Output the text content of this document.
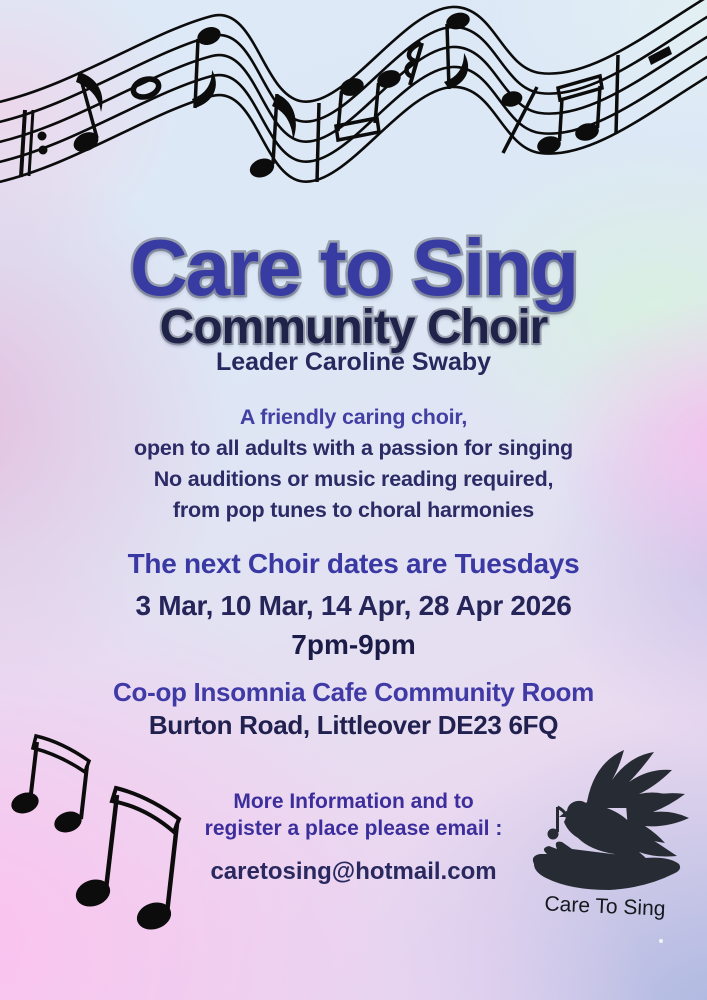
Care to Sing
Community Choir
Leader Caroline Swaby
A friendly caring choir,
open to all adults with a passion for singing
No auditions or music reading required,
from pop tunes to choral harmonies
The next Choir dates are Tuesdays
3 Mar, 10 Mar, 14 Apr, 28 Apr 2026
7pm-9pm
Co-op Insomnia Cafe Community Room
Burton Road, Littleover DE23 6FQ
More Information and to
register a place please email :
caretosing@hotmail.com
Care To Sing
